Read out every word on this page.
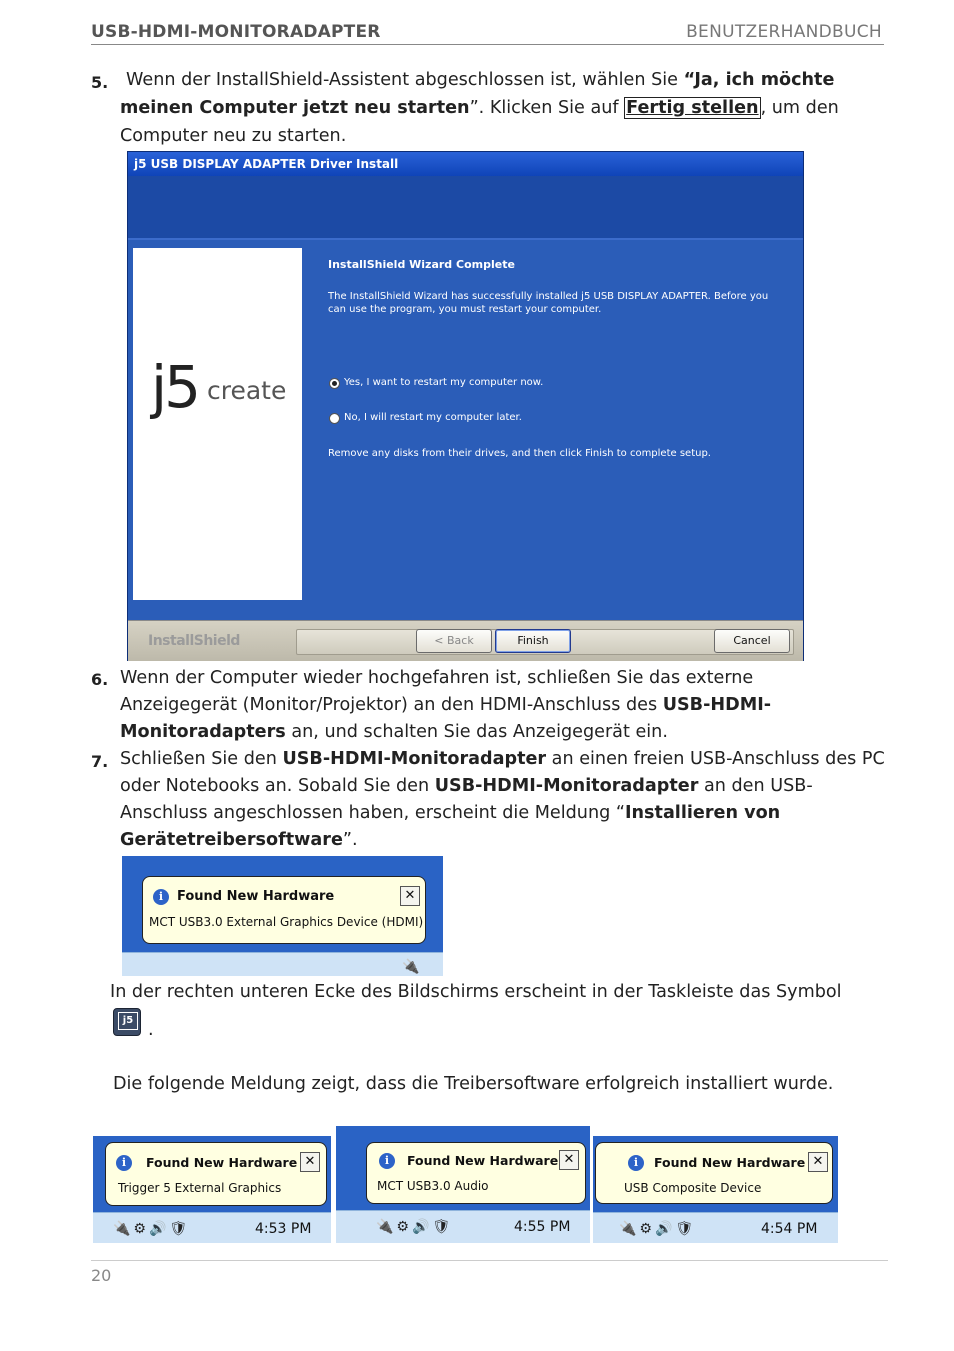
USB-HDMI-MONITORADAPTER	BENUTZERHANDBUCH
5. Wenn der InstallShield-Assistent abgeschlossen ist, wählen Sie “Ja, ich möchte
meinen Computer jetzt neu starten”. Klicken Sie auf Fertig stellen , um den
Computer neu zu starten.
j5 USB DISPLAY ADAPTER Driver Install
j5 create
InstallShield Wizard Complete
The InstallShield Wizard has successfully installed j5 USB DISPLAY ADAPTER. Before you can use the program, you must restart your computer.
Yes, I want to restart my computer now.
No, I will restart my computer later.
Remove any disks from their drives, and then click Finish to complete setup.
InstallShield	< Back	Finish	Cancel
6. Wenn der Computer wieder hochgefahren ist, schließen Sie das externe
Anzeigegerät (Monitor/Projektor) an den HDMI-Anschluss des USB-HDMI-
Monitoradapters an, und schalten Sie das Anzeigegerät ein.
7. Schließen Sie den USB-HDMI-Monitoradapter an einen freien USB-Anschluss des PC
oder Notebooks an. Sobald Sie den USB-HDMI-Monitoradapter an den USB-
Anschluss angeschlossen haben, erscheint die Meldung “Installieren von
Gerätetreibersoftware”.
i	Found New Hardware
MCT USB3.0 External Graphics Device (HDMI)
✕
🔌
In der rechten unteren Ecke des Bildschirms erscheint in der Taskleiste das Symbol
j5 .
Die folgende Meldung zeigt, dass die Treibersoftware erfolgreich installiert wurde.
i	Found New Hardware
Trigger 5 External Graphics
✕
🔌⚙🔊🛡	4:53 PM
i	Found New Hardware
MCT USB3.0 Audio
✕
🔌⚙🔊🛡	4:55 PM
i	Found New Hardware
USB Composite Device
✕
🔌⚙🔊🛡	4:54 PM
20
